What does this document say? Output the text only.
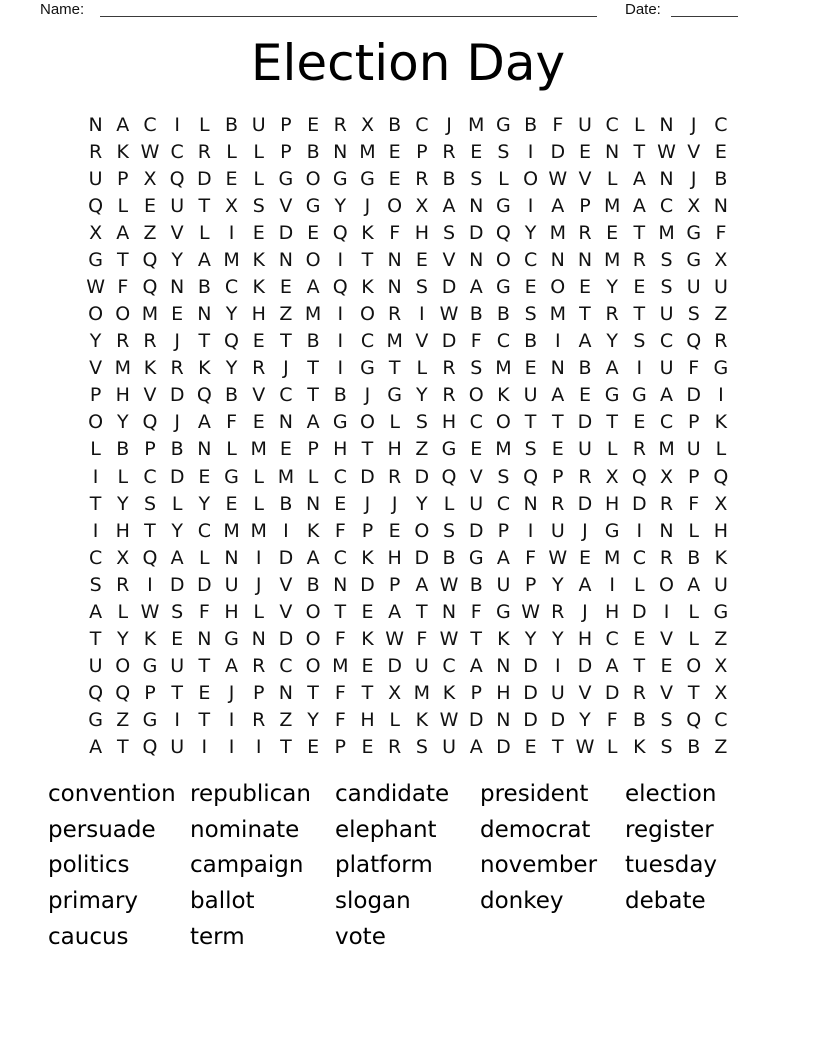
Name:	Date:
Election Day
N A C I	L B U P E R X B C J M G B F U C L N J C
R K W C R L L P B N M E P R E S I D E N T W V E
U P X Q D E L G O G G E R B S L O W V L A N J B
Q L E U T X S V G Y J O X A N G I A P M A C X N
X A Z V L	I E D E Q K F H S D Q Y M R E T M G F
G T Q Y A M K N O I T N E V N O C N N M R S G X
W F Q N B C K E A Q K N S D A G E O E Y E S U U
O O M E N Y H Z M I O R I W B B S M T R T U S Z
Y R R J T Q E T B I C M V D F C B I A Y S C Q R
V M K R K Y R J T I G T L R S M E N B A I U F G
P H V D Q B V C T B J G Y R O K U A E G G A D I
O Y Q J A F E N A G O L S H C O T T D T E C P K
L B P B N L M E P H T H Z G E M S E U L R M U L
I	L C D E G L M L C D R D Q V S Q P R X Q X P Q
T Y S L Y E L B N E J	J Y L U C N R D H D R F X
I H T Y C M M I K F P E O S D P I U J G I N L H
C X Q A L N I D A C K H D B G A F W E M C R B K
S R I D D U J V B N D P A W B U P Y A I	L O A U
A L W S F H L V O T E A T N F G W R J H D I	L G
T Y K E N G N D O F K W F W T K Y Y H C E V L Z
U O G U T A R C O M E D U C A N D I D A T E O X
Q Q P T E J P N T F T X M K P H D U V D R V T X
G Z G I T I R Z Y F H L K W D N D D Y F B S Q C
A T Q U I	I	I T E P E R S U A D E T W L K S B Z
convention
persuade
politics
primary
caucus
republican
nominate
campaign
ballot
term
candidate
elephant
platform
slogan
vote
president
democrat
november
donkey
election
register
tuesday
debate
